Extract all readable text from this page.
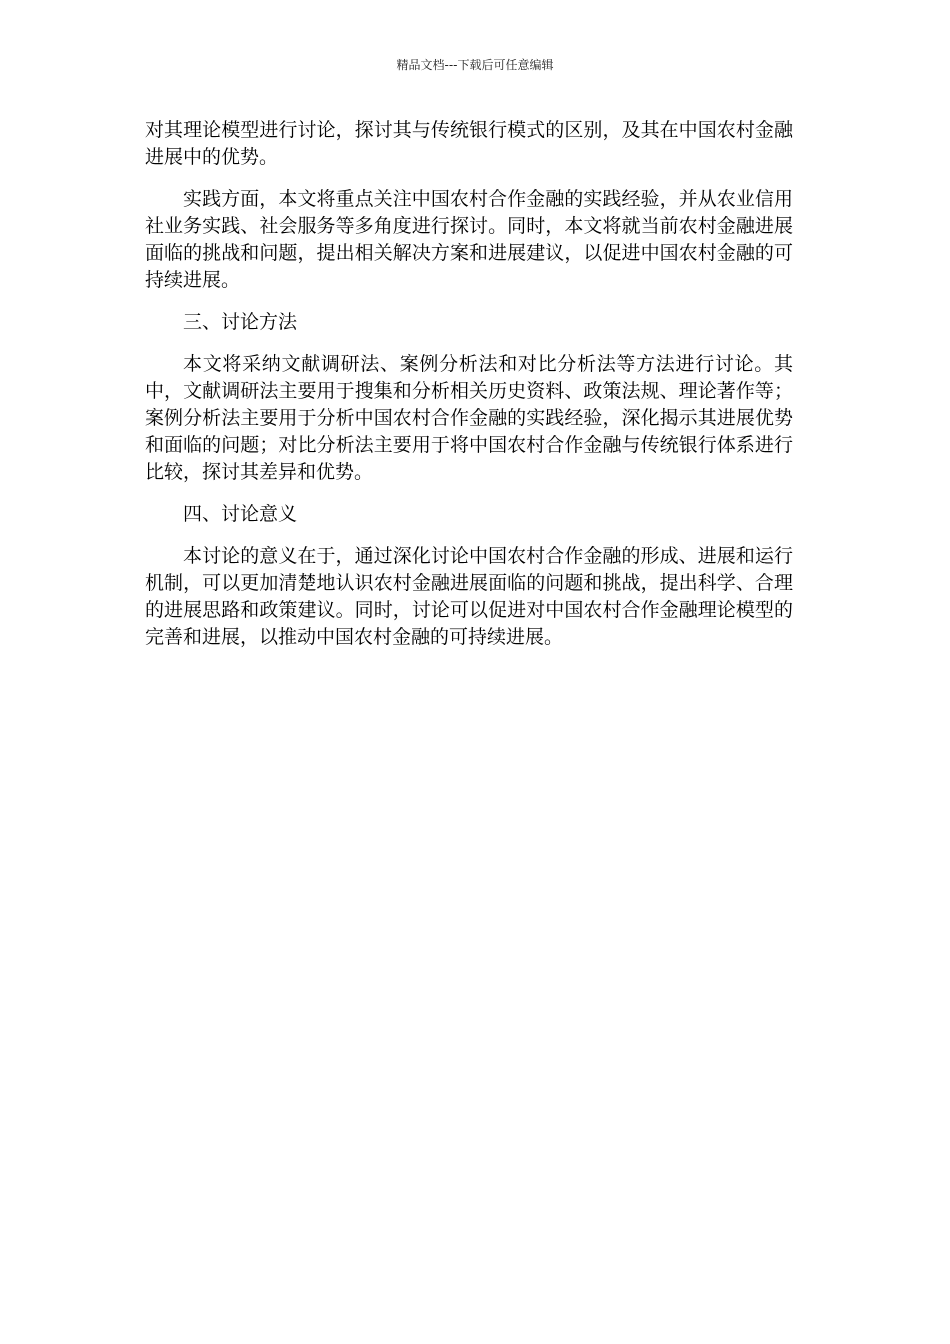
精品文档---下载后可任意编辑

对其理论模型进行讨论，探讨其与传统银行模式的区别，及其在中国农村金融进展中的优势。

实践方面，本文将重点关注中国农村合作金融的实践经验，并从农业信用社业务实践、社会服务等多角度进行探讨。同时，本文将就当前农村金融进展面临的挑战和问题，提出相关解决方案和进展建议，以促进中国农村金融的可持续进展。

三、讨论方法

本文将采纳文献调研法、案例分析法和对比分析法等方法进行讨论。其中，文献调研法主要用于搜集和分析相关历史资料、政策法规、理论著作等；案例分析法主要用于分析中国农村合作金融的实践经验，深化揭示其进展优势和面临的问题；对比分析法主要用于将中国农村合作金融与传统银行体系进行比较，探讨其差异和优势。

四、讨论意义

本讨论的意义在于，通过深化讨论中国农村合作金融的形成、进展和运行机制，可以更加清楚地认识农村金融进展面临的问题和挑战，提出科学、合理的进展思路和政策建议。同时，讨论可以促进对中国农村合作金融理论模型的完善和进展，以推动中国农村金融的可持续进展。
